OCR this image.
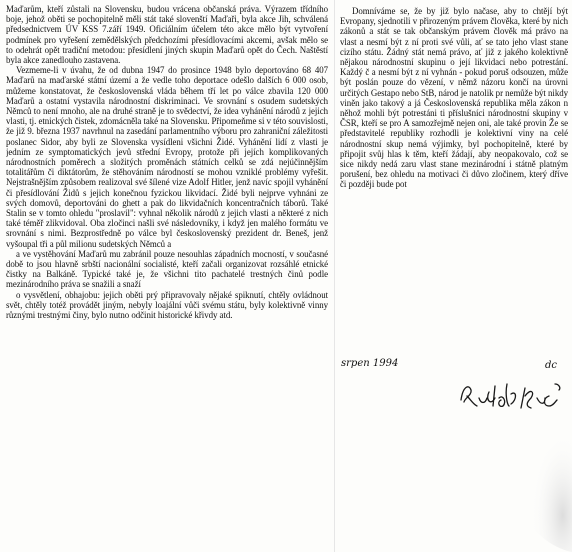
Maďarům, kteří zůstali na Slovensku, budou vrácena občanská práva. Výrazem třídního boje, jehož oběti se pochopitelně měli stát také slovenští Maďaři, byla akce Jih, schválená předsednictvem ÚV KSS 7.září 1949. Oficiálním účelem této akce mělo být vytvoření podmínek pro vyřešení zemědělských předchozími přesídlovacími akcemi, avšak mělo se to odehrát opět tradiční metodou: přesídlení jiných skupin Maďarů opět do Čech. Naštěstí byla akce zanedlouho zastavena.

Vezmeme-li v úvahu, že od dubna 1947 do prosince 1948 bylo deportováno 68 407 Maďarů na maďarské státní území a že vedle toho deportace odešlo dalších 6 000 osob, můžeme konstatovat, že československá vláda během tří let po válce zbavila 120 000 Maďarů a ostatní vystavila národnostní diskriminaci. Ve srovnání s osudem sudetských Němců to není mnoho, ale na druhé straně je to svědectví, že idea vyhánění národů z jejich vlasti, tj. etnických čistek, zdomácněla také na Slovensku. Připomeňme si v této souvislosti, že již 9. března 1937 navrhnul na zasedání parlamentního výboru pro zahraniční záležitosti poslanec Sidor, aby byli ze Slovenska vysídleni všichni Židé. Vyhánění lidí z vlasti je jedním ze symptomatických jevů střední Evropy, protože při jejích komplikovaných národnostních poměrech a složitých proměnách státních celků se zdá nejúčinnějším totalitářům či diktátorům, že stěhováním národností se mohou vzniklé problémy vyřešit. Nejstrašnějším způsobem realizoval své šílené vize Adolf Hitler, jenž navíc spojil vyhánění či přesídlování Židů s jejich konečnou fyzickou likvidací. Židé byli nejprve vyhnáni ze svých domovů, deportováni do ghett a pak do likvidačních koncentračních táborů. Také Stalin se v tomto ohledu "proslavil": vyhnal několik národů z jejich vlasti a některé z nich také téměř zlikvidoval. Oba zločinci našli své následovníky, i když jen malého formátu ve srovnání s nimi. Bezprostředně po válce byl československý prezident dr. Beneš, jenž vyšoupal tři a půl milionu sudetských Němců a

a ve vystěhování Maďarů mu zabránil pouze nesouhlas západních mocností, v současné době to jsou hlavně srbští nacionální socialisté, kteří začali organizovat rozsáhlé etnické čistky na Balkáně. Typické také je, že všichni tito pachatelé trestných činů podle mezinárodního práva se snažili a snaží

o vysvětlení, obhajobu: jejich oběti prý připravovaly nějaké spiknutí, chtěly ovládnout svět, chtěly totéž provádět jiným, nebyly loajální vůči svému státu, byly kolektivně vinny různými trestnými činy, bylo nutno odčinit historické křivdy atd.

Domníváme se, že by již bylo načase, aby to chtějí být Evropany, sjednotili v přirozeným právem člověka, které by nich zákonů a stát se tak občanským právem člověk má právo na vlast a nesmí být z ní proti své vůli, ať se tato jeho vlast stane cizího státu. Žádný stát nemá právo, ať již z jakého kolektivně nějakou národnostní skupinu o její likvidaci nebo potrestání. Každý č a nesmí být z ní vyhnán - pokud poruš odsouzen, může být poslán pouze do vězení, v němž názoru končí na úrovni určitých Gestapo nebo StB, národ je natolik pr nemůže být nikdy viněn jako takový a já Československá republika měla zákon n něhož mohli být potrestáni ti příslušníci národnostní skupiny v ČSR, kteří se pro A samozřejmě nejen oni, ale také provin Že se představitelé republiky rozhodli je kolektivní viny na celé národnostní skup nemá výjimky, byl pochopitelně, které by připojit svůj hlas k těm, kteří žádají, aby neopakovalo, což se sice nikdy nedá zaru vlast stane mezinárodní i státně platným porušení, bez ohledu na motivaci či důvo zločinem, který dříve či později bude pot

srpen 1994	dc
